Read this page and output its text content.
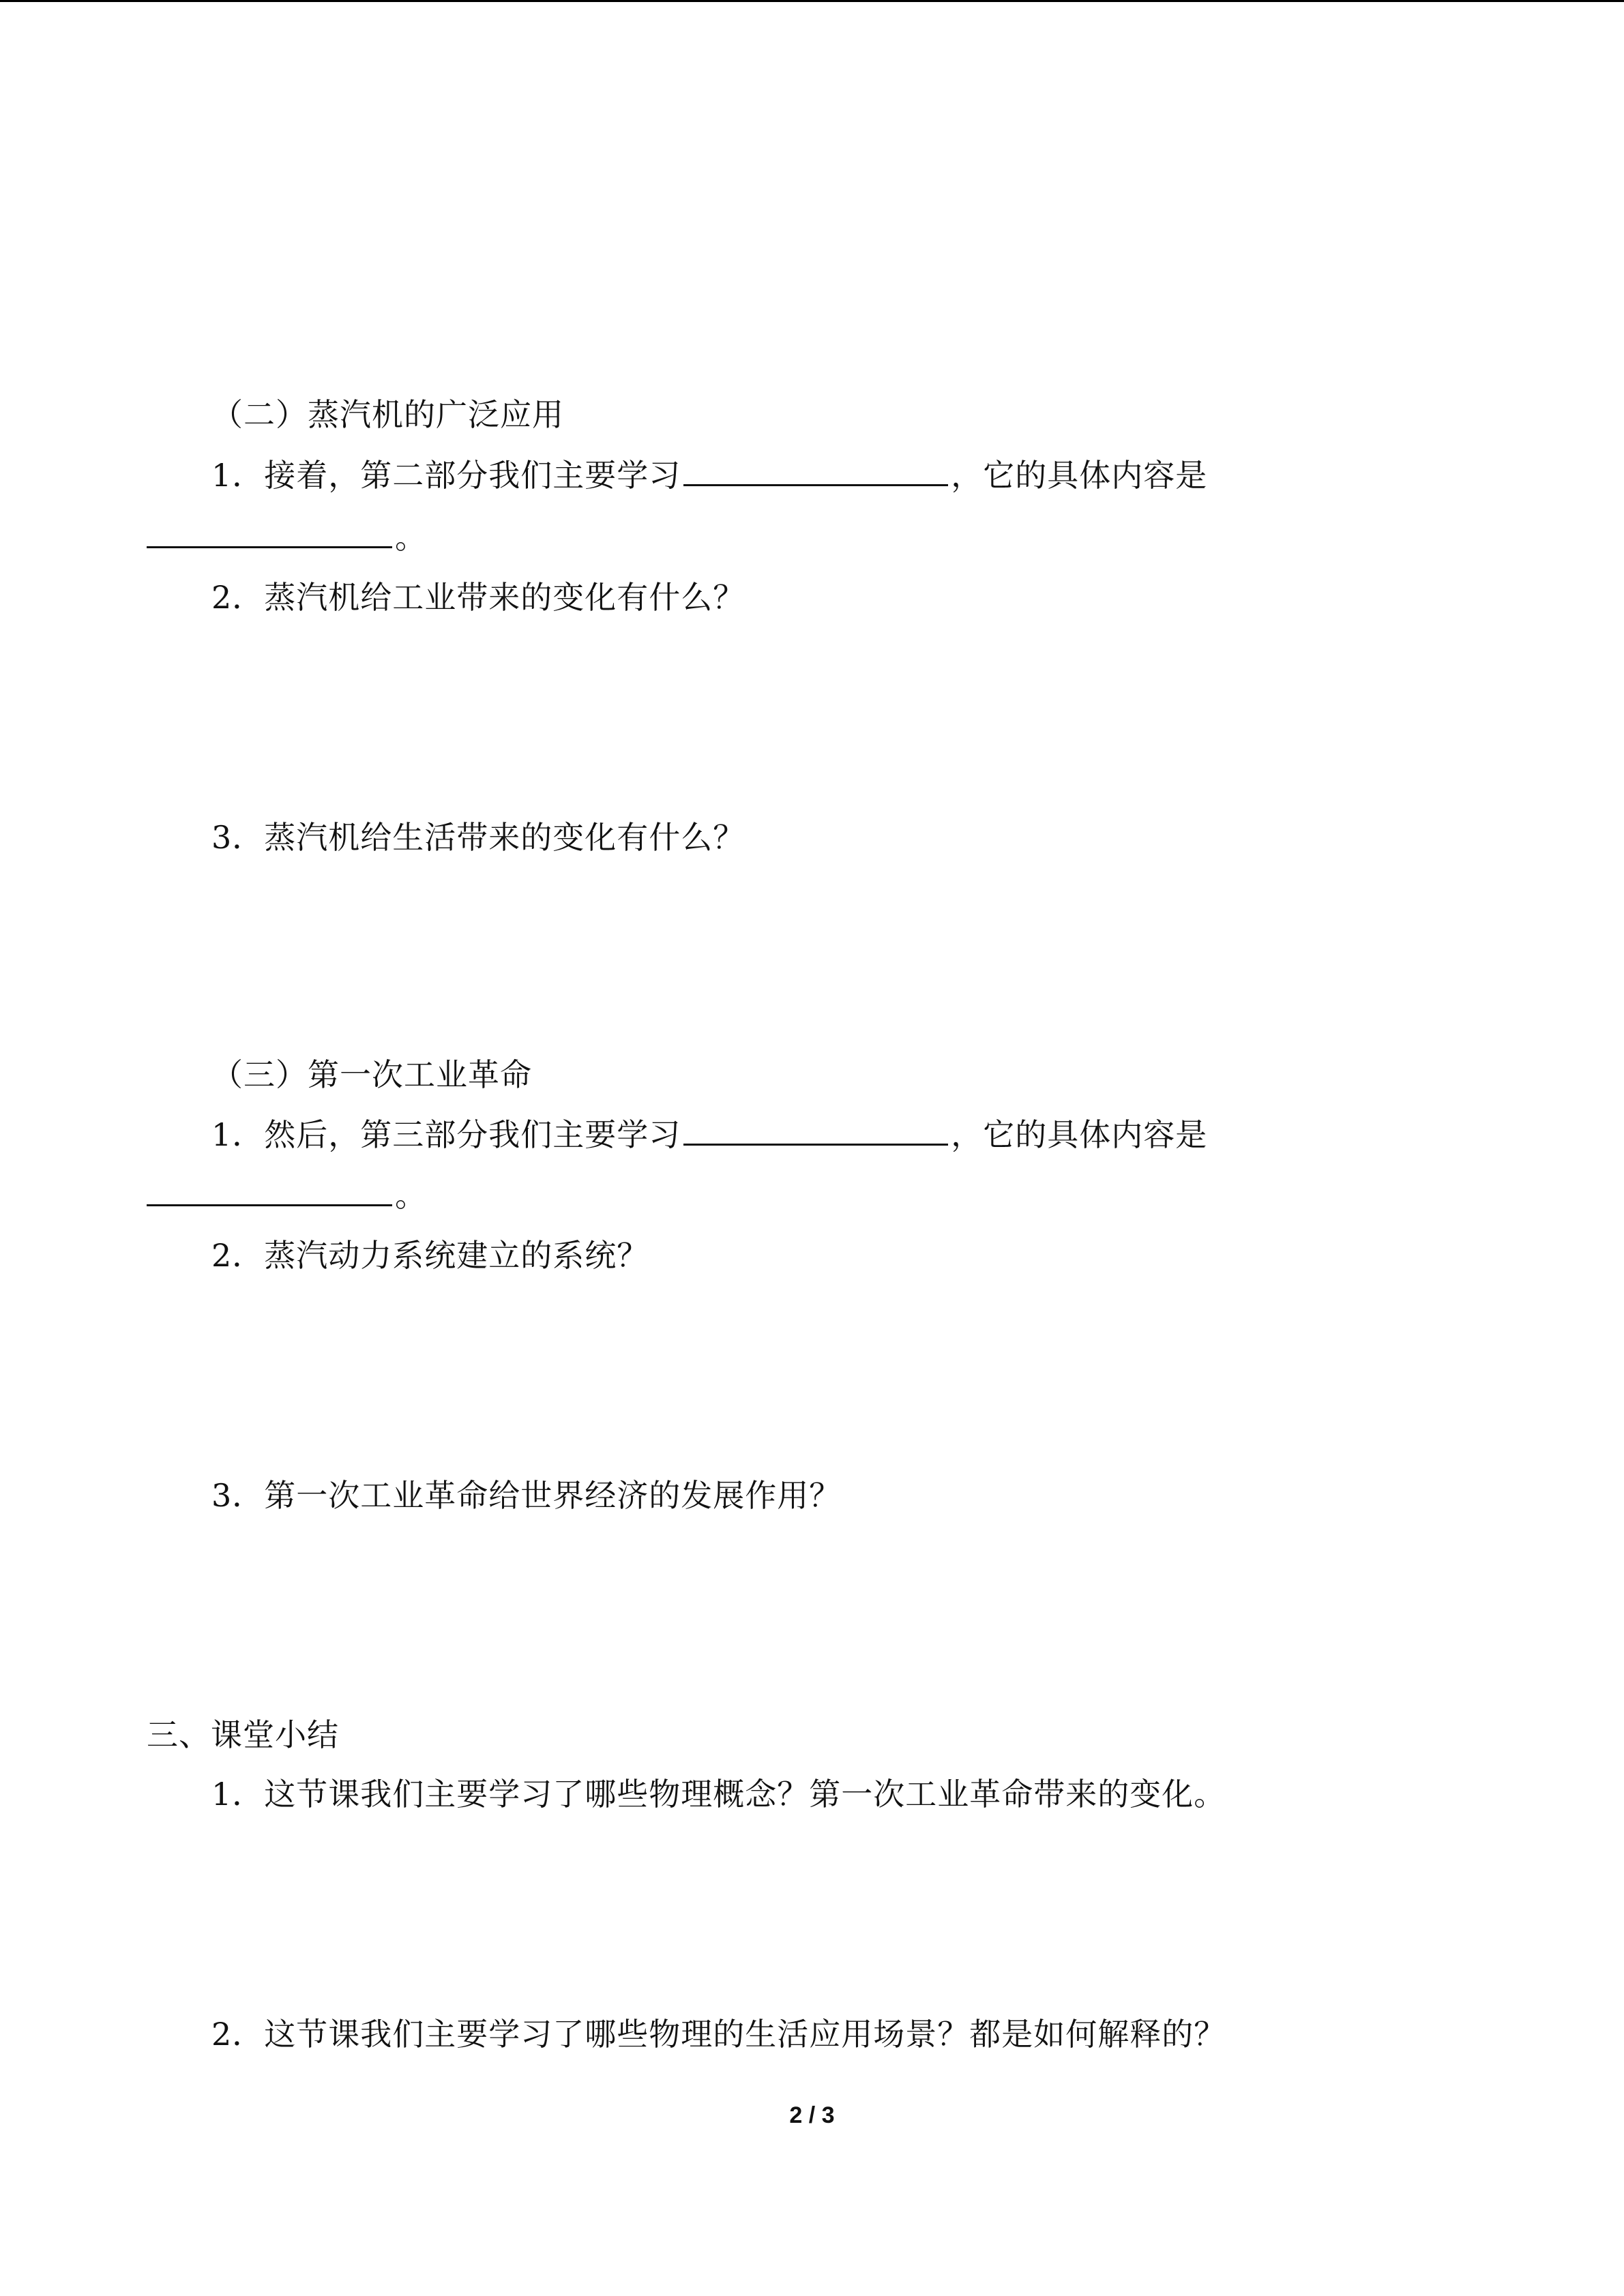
（二）蒸汽机的广泛应用
1．接着，第二部分我们主要学习	，它的具体内容是
。
2．蒸汽机给工业带来的变化有什么？
3．蒸汽机给生活带来的变化有什么？
（三）第一次工业革命
1．然后，第三部分我们主要学习	，它的具体内容是
。
2．蒸汽动力系统建立的系统？
3．第一次工业革命给世界经济的发展作用？
三、课堂小结
1．这节课我们主要学习了哪些物理概念？第一次工业革命带来的变化。
2．这节课我们主要学习了哪些物理的生活应用场景？都是如何解释的？
2 / 3
